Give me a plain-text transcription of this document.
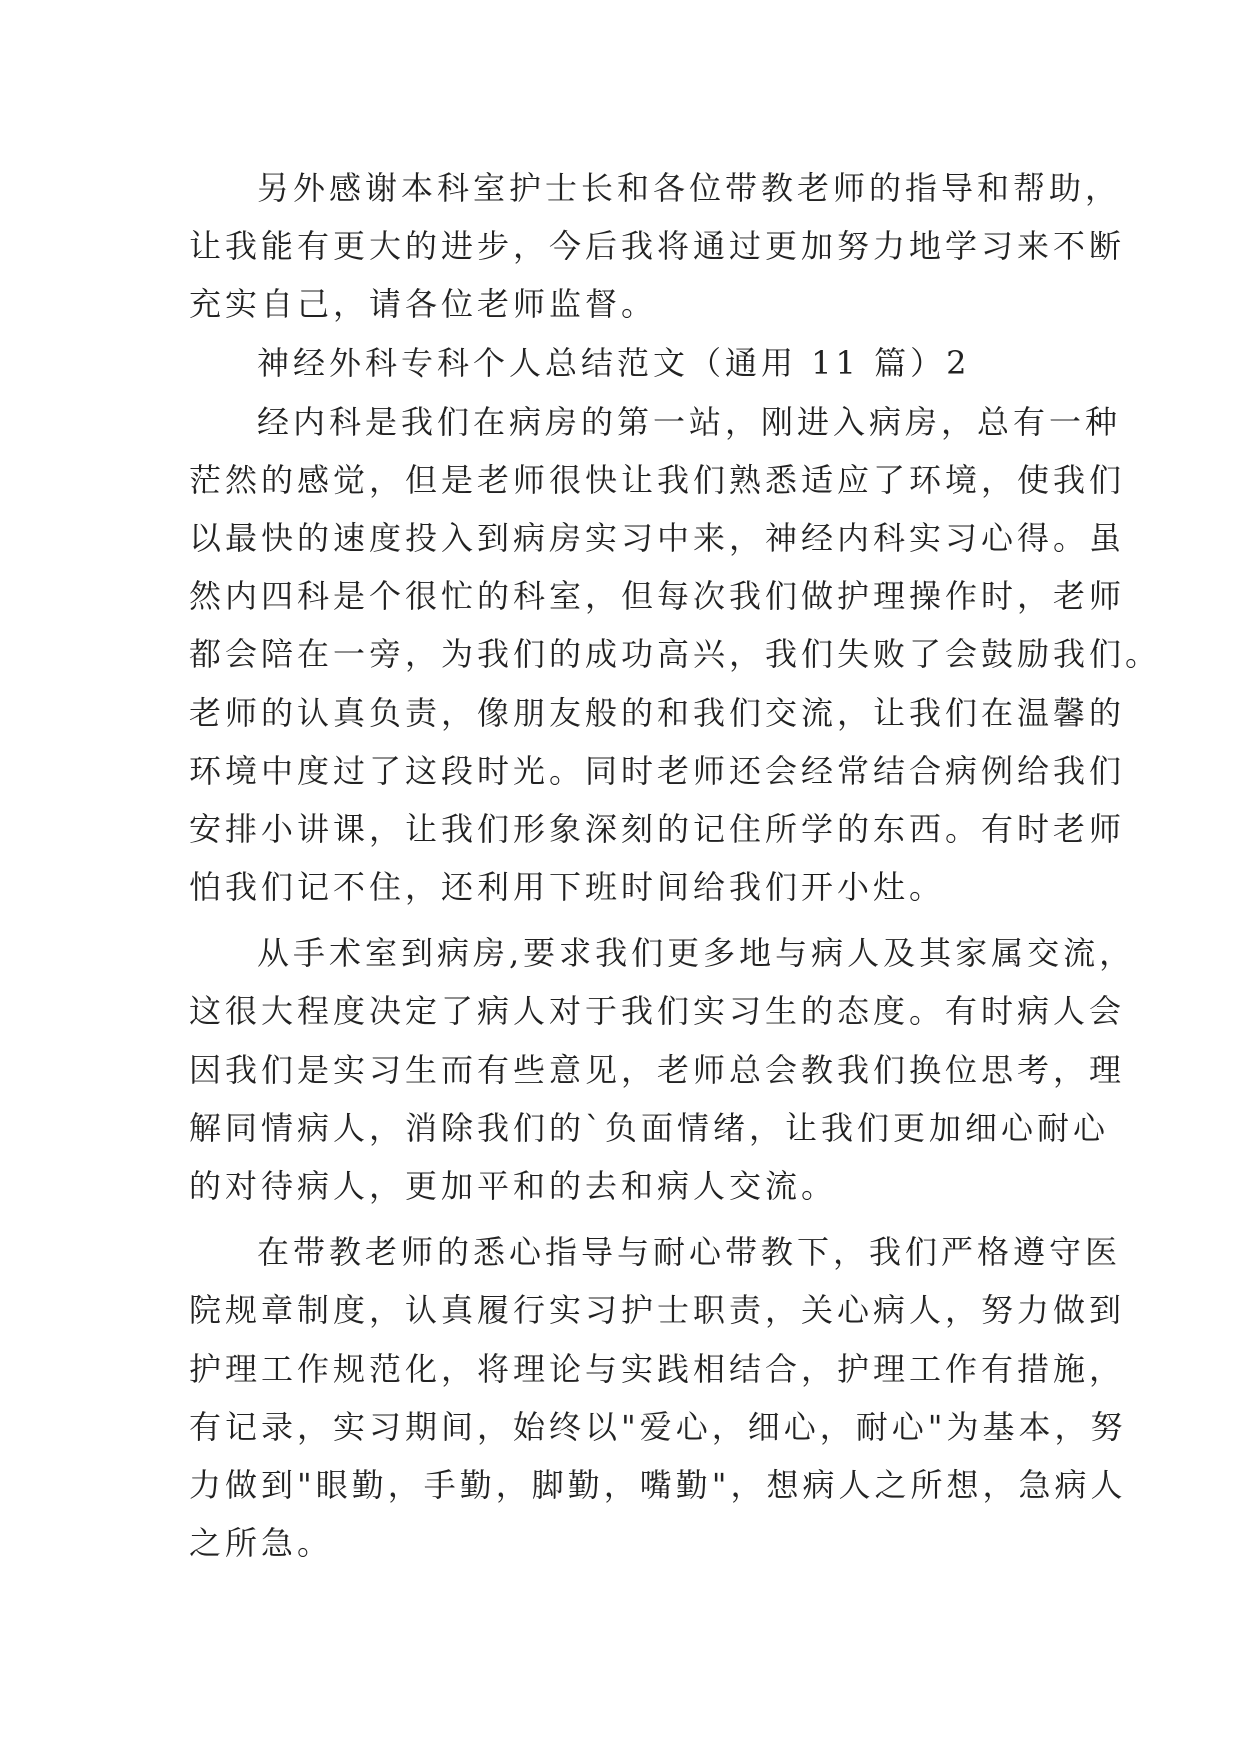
另外感谢本科室护士长和各位带教老师的指导和帮助，
让我能有更大的进步，今后我将通过更加努力地学习来不断
充实自己，请各位老师监督。
神经外科专科个人总结范文（通用 11 篇）2
经内科是我们在病房的第一站，刚进入病房，总有一种
茫然的感觉，但是老师很快让我们熟悉适应了环境，使我们
以最快的速度投入到病房实习中来，神经内科实习心得。虽
然内四科是个很忙的科室，但每次我们做护理操作时，老师
都会陪在一旁，为我们的成功高兴，我们失败了会鼓励我们。
老师的认真负责，像朋友般的和我们交流，让我们在温馨的
环境中度过了这段时光。同时老师还会经常结合病例给我们
安排小讲课，让我们形象深刻的记住所学的东西。有时老师
怕我们记不住，还利用下班时间给我们开小灶。
从手术室到病房,要求我们更多地与病人及其家属交流，
这很大程度决定了病人对于我们实习生的态度。有时病人会
因我们是实习生而有些意见，老师总会教我们换位思考，理
解同情病人，消除我们的`负面情绪，让我们更加细心耐心
的对待病人，更加平和的去和病人交流。
在带教老师的悉心指导与耐心带教下，我们严格遵守医
院规章制度，认真履行实习护士职责，关心病人，努力做到
护理工作规范化，将理论与实践相结合，护理工作有措施，
有记录，实习期间，始终以"爱心，细心，耐心"为基本，努
力做到"眼勤，手勤，脚勤，嘴勤"，想病人之所想，急病人
之所急。
